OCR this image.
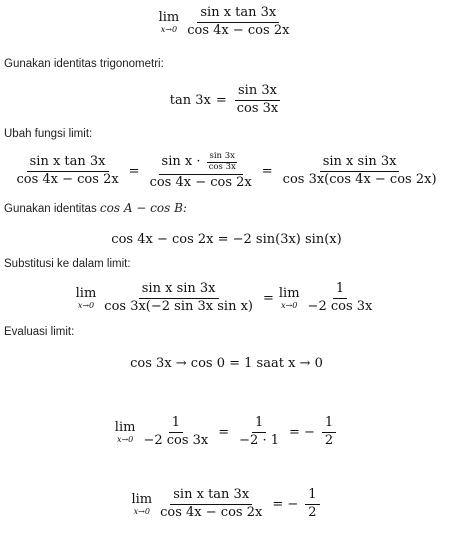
lim
$x\to 0 \frac{\text{sin x tan 3x}}{\cos 4x - \cos 2x}$
Gunakan identitas trigonometri:
$\tan 3x = \frac{\sin 3x}{\cos 3x}$
Ubah fungsi limit:
$\frac{\text{sin x tan 3x}}{\cos 4x - \cos 2x} = \frac{\sin x \cdot \frac{\sin 3x}{\cos 3x}}{\cos 4x - \cos 2x} = \frac{\text{sin x sin 3x}}{\cos 3x(\cos 4x - \cos 2x)}$
Gunakan identitas cos A − cos B:
cos 4x − cos 2x = −2 sin(3x) sin(x)
Substitusi ke dalam limit:
lim
$x\to 0 \frac{\text{sin x sin 3x}}{\text{cos 3x(−2 sin 3x sin x)}} = \lim$
$x\to 0 \frac{1}{-2 \cos 3x}$
Evaluasi limit:
cos 3x → cos 0 = 1 saat x → 0
lim
$x\to 0 \frac{1}{-2 \cos 3x} = \frac{1}{-2 \cdot 1}$ = − $\frac{1}{2}$
lim
$x\to 0 \frac{\text{sin x tan 3x}}{\cos 4x - \cos 2x}$ = − $\frac{1}{2}$
